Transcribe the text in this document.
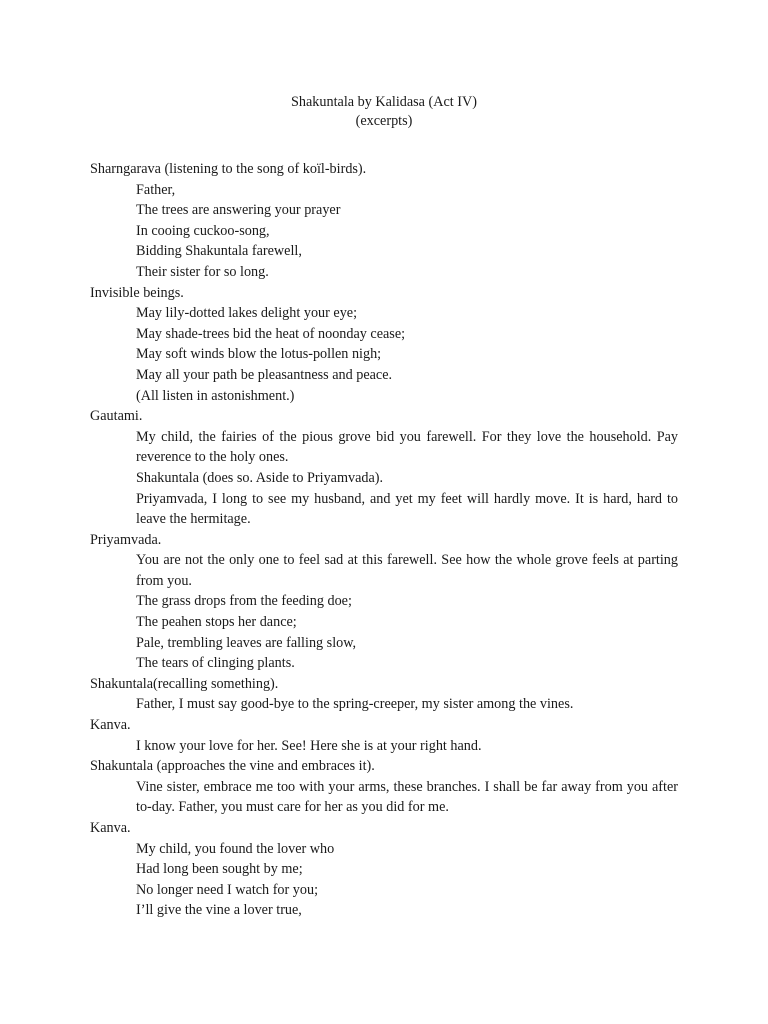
Shakuntala by Kalidasa (Act IV)
(excerpts)
Sharngarava (listening to the song of koïl-birds).
Father,
The trees are answering your prayer
In cooing cuckoo-song,
Bidding Shakuntala farewell,
Their sister for so long.
Invisible beings.
May lily-dotted lakes delight your eye;
May shade-trees bid the heat of noonday cease;
May soft winds blow the lotus-pollen nigh;
May all your path be pleasantness and peace.
(All listen in astonishment.)
Gautami.
My child, the fairies of the pious grove bid you farewell. For they love the household. Pay reverence to the holy ones.
Shakuntala (does so. Aside to Priyamvada).
Priyamvada, I long to see my husband, and yet my feet will hardly move. It is hard, hard to leave the hermitage.
Priyamvada.
You are not the only one to feel sad at this farewell. See how the whole grove feels at parting from you.
The grass drops from the feeding doe;
The peahen stops her dance;
Pale, trembling leaves are falling slow,
The tears of clinging plants.
Shakuntala(recalling something).
Father, I must say good-bye to the spring-creeper, my sister among the vines.
Kanva.
I know your love for her. See! Here she is at your right hand.
Shakuntala (approaches the vine and embraces it).
Vine sister, embrace me too with your arms, these branches. I shall be far away from you after to-day. Father, you must care for her as you did for me.
Kanva.
My child, you found the lover who
Had long been sought by me;
No longer need I watch for you;
I’ll give the vine a lover true,
